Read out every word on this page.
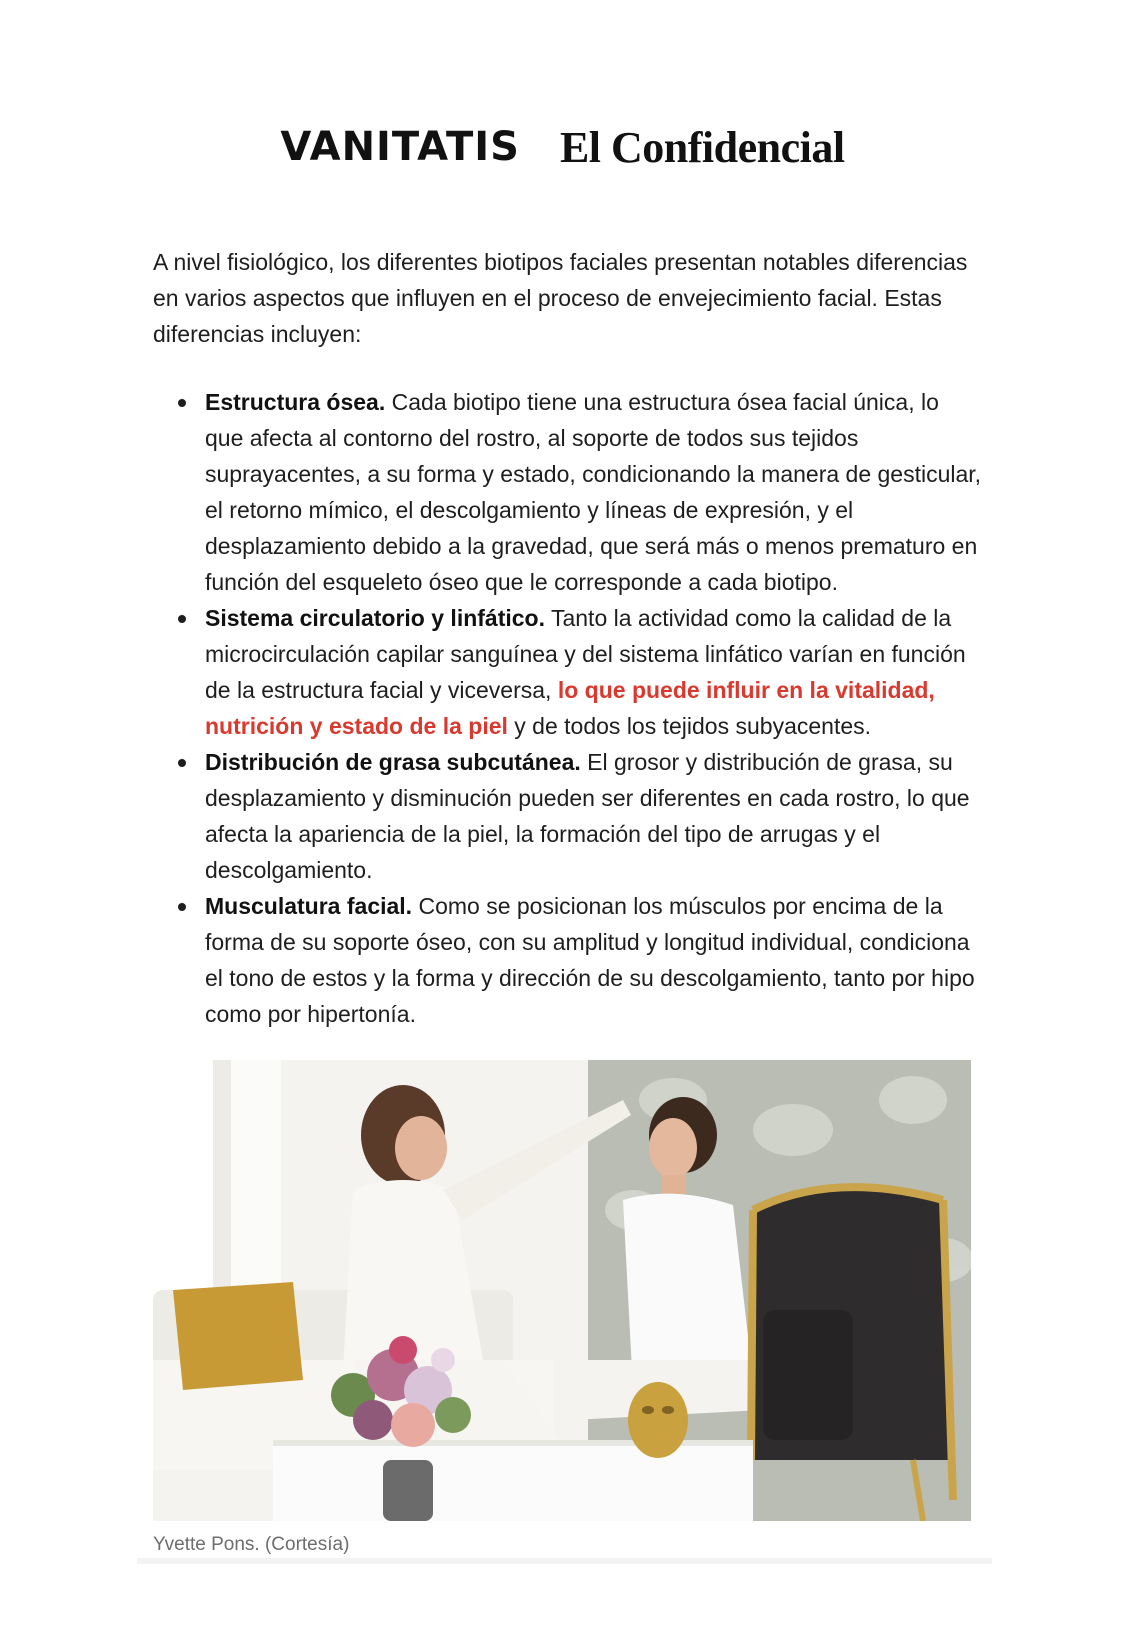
VANITATIS El Confidencial

A nivel fisiológico, los diferentes biotipos faciales presentan notables diferencias en varios aspectos que influyen en el proceso de envejecimiento facial. Estas diferencias incluyen:

Estructura ósea. Cada biotipo tiene una estructura ósea facial única, lo que afecta al contorno del rostro, al soporte de todos sus tejidos suprayacentes, a su forma y estado, condicionando la manera de gesticular, el retorno mímico, el descolgamiento y líneas de expresión, y el desplazamiento debido a la gravedad, que será más o menos prematuro en función del esqueleto óseo que le corresponde a cada biotipo.
Sistema circulatorio y linfático. Tanto la actividad como la calidad de la microcirculación capilar sanguínea y del sistema linfático varían en función de la estructura facial y viceversa, lo que puede influir en la vitalidad, nutrición y estado de la piel y de todos los tejidos subyacentes.
Distribución de grasa subcutánea. El grosor y distribución de grasa, su desplazamiento y disminución pueden ser diferentes en cada rostro, lo que afecta la apariencia de la piel, la formación del tipo de arrugas y el descolgamiento.
Musculatura facial. Como se posicionan los músculos por encima de la forma de su soporte óseo, con su amplitud y longitud individual, condiciona el tono de estos y la forma y dirección de su descolgamiento, tanto por hipo como por hipertonía.
Yvette Pons. (Cortesía)
